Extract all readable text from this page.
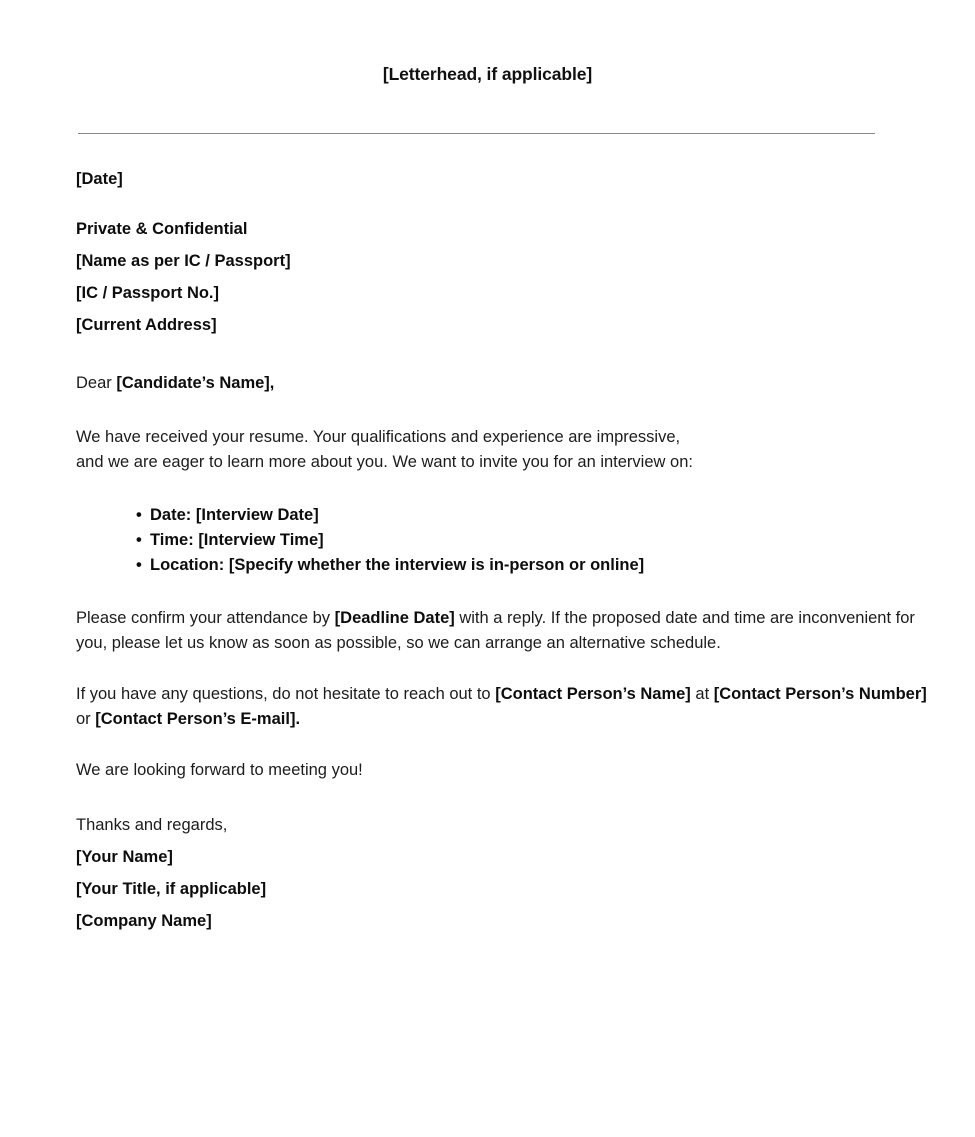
[Letterhead, if applicable]
[Date]
Private & Confidential
[Name as per IC / Passport]
[IC / Passport No.]
[Current Address]
Dear [Candidate’s Name],
We have received your resume. Your qualifications and experience are impressive,
and we are eager to learn more about you. We want to invite you for an interview on:
• Date: [Interview Date]
• Time: [Interview Time]
• Location: [Specify whether the interview is in-person or online]
Please confirm your attendance by [Deadline Date] with a reply. If the proposed date and time are inconvenient for you, please let us know as soon as possible, so we can arrange an alternative schedule.
If you have any questions, do not hesitate to reach out to [Contact Person’s Name] at [Contact Person’s Number] or [Contact Person’s E-mail].
We are looking forward to meeting you!
Thanks and regards,
[Your Name]
[Your Title, if applicable]
[Company Name]
